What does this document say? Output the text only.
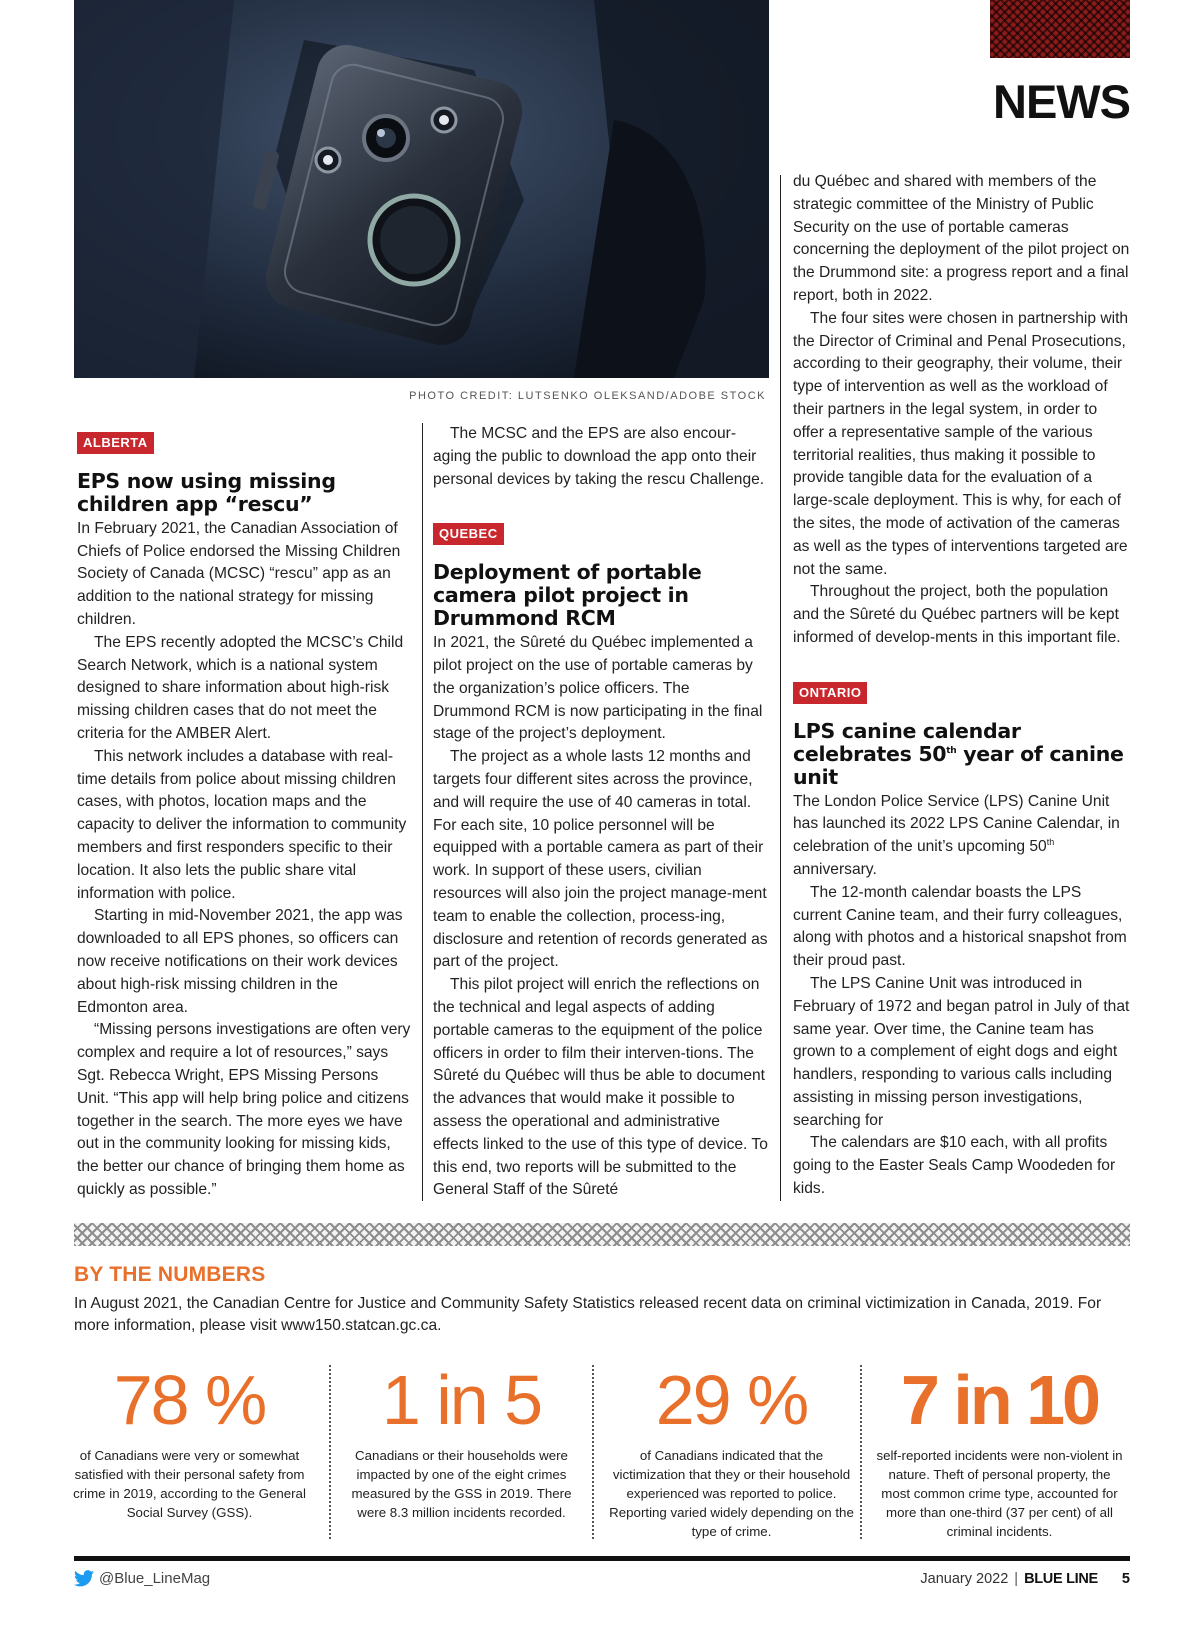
PHOTO CREDIT: LUTSENKO OLEKSAND/ADOBE STOCK
NEWS
ALBERTA
EPS now using missing children app “rescu”

In February 2021, the Canadian Association of Chiefs of Police endorsed the Missing Children Society of Canada (MCSC) “rescu” app as an addition to the national strategy for missing children.

The EPS recently adopted the MCSC’s Child Search Network, which is a national system designed to share information about high-risk missing children cases that do not meet the criteria for the AMBER Alert.

This network includes a database with real-time details from police about missing children cases, with photos, location maps and the capacity to deliver the information to community members and first responders specific to their location. It also lets the public share vital information with police.

Starting in mid-November 2021, the app was downloaded to all EPS phones, so officers can now receive notifications on their work devices about high-risk missing children in the Edmonton area.

“Missing persons investigations are often very complex and require a lot of resources,” says Sgt. Rebecca Wright, EPS Missing Persons Unit. “This app will help bring police and citizens together in the search. The more eyes we have out in the community looking for missing kids, the better our chance of bringing them home as quickly as possible.”

The MCSC and the EPS are also encour-aging the public to download the app onto their personal devices by taking the rescu Challenge.

QUEBEC
Deployment of portable camera pilot project in Drummond RCM

In 2021, the Sûreté du Québec implemented a pilot project on the use of portable cameras by the organization’s police officers. The Drummond RCM is now participating in the final stage of the project’s deployment.

The project as a whole lasts 12 months and targets four different sites across the province, and will require the use of 40 cameras in total. For each site, 10 police personnel will be equipped with a portable camera as part of their work. In support of these users, civilian resources will also join the project manage-ment team to enable the collection, process-ing, disclosure and retention of records generated as part of the project.

This pilot project will enrich the reflections on the technical and legal aspects of adding portable cameras to the equipment of the police officers in order to film their interven-tions. The Sûreté du Québec will thus be able to document the advances that would make it possible to assess the operational and administrative effects linked to the use of this type of device. To this end, two reports will be submitted to the General Staff of the Sûreté

du Québec and shared with members of the strategic committee of the Ministry of Public Security on the use of portable cameras concerning the deployment of the pilot project on the Drummond site: a progress report and a final report, both in 2022.

The four sites were chosen in partnership with the Director of Criminal and Penal Prosecutions, according to their geography, their volume, their type of intervention as well as the workload of their partners in the legal system, in order to offer a representative sample of the various territorial realities, thus making it possible to provide tangible data for the evaluation of a large-scale deployment. This is why, for each of the sites, the mode of activation of the cameras as well as the types of interventions targeted are not the same.

Throughout the project, both the population and the Sûreté du Québec partners will be kept informed of develop-ments in this important file.

ONTARIO
LPS canine calendar celebrates 50th year of canine unit

The London Police Service (LPS) Canine Unit has launched its 2022 LPS Canine Calendar, in celebration of the unit’s upcoming 50th anniversary.

The 12-month calendar boasts the LPS current Canine team, and their furry colleagues, along with photos and a historical snapshot from their proud past.

The LPS Canine Unit was introduced in February of 1972 and began patrol in July of that same year. Over time, the Canine team has grown to a complement of eight dogs and eight handlers, responding to various calls including assisting in missing person investigations, searching for

The calendars are $10 each, with all profits going to the Easter Seals Camp Woodeden for kids.

BY THE NUMBERS
In August 2021, the Canadian Centre for Justice and Community Safety Statistics released recent data on criminal victimization in Canada, 2019. For more information, please visit www150.statcan.gc.ca.
78 %
of Canadians were very or somewhat satisfied with their personal safety from crime in 2019, according to the General Social Survey (GSS).
1 in 5
Canadians or their households were impacted by one of the eight crimes measured by the GSS in 2019. There were 8.3 million incidents recorded.
29 %
of Canadians indicated that the victimization that they or their household experienced was reported to police. Reporting varied widely depending on the type of crime.
7 in 10
self-reported incidents were non-violent in nature. Theft of personal property, the most common crime type, accounted for more than one-third (37 per cent) of all criminal incidents.
@Blue_LineMag	January 2022 | BLUE LINE 5
